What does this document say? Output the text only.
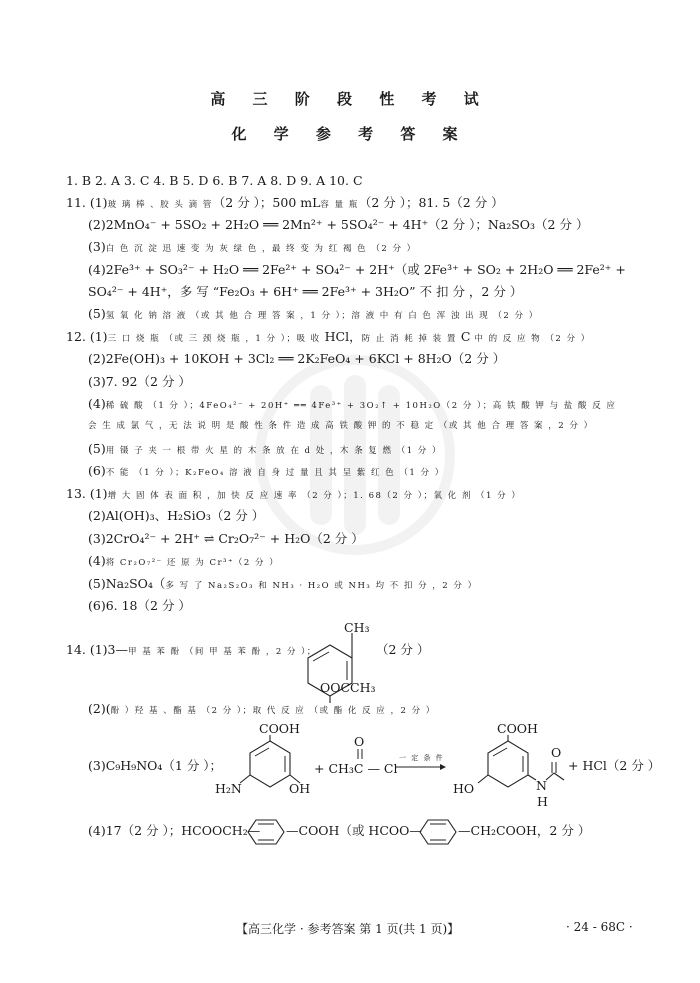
高 三 阶 段 性 考 试
化 学 参 考 答 案
1. B 2. A 3. C 4. B 5. D 6. B 7. A 8. D 9. A 10. C
11. (1)玻 璃 棒 、胶 头 滴 管（2 分 ）；500 mL容 量 瓶（2 分 ）；81. 5（2 分 ）
(2)2MnO₄⁻ + 5SO₂ + 2H₂O ══ 2Mn²⁺ + 5SO₄²⁻ + 4H⁺（2 分 ）；Na₂SO₃（2 分 ）
(3)白 色 沉 淀 迅 速 变 为 灰 绿 色 ，最 终 变 为 红 褐 色 （2 分 ）
(4)2Fe³⁺ + SO₃²⁻ + H₂O ══ 2Fe²⁺ + SO₄²⁻ + 2H⁺（或 2Fe³⁺ + SO₂ + 2H₂O ══ 2Fe²⁺ +
SO₄²⁻ + 4H⁺，多 写 “Fe₂O₃ + 6H⁺ ══ 2Fe³⁺ + 3H₂O” 不 扣 分 ，2 分 ）
(5)氢 氧 化 钠 溶 液 （或 其 他 合 理 答 案 ，1 分 ）；溶 液 中 有 白 色 浑 浊 出 现 （2 分 ）
12. (1)三 口 烧 瓶 （或 三 颈 烧 瓶 ，1 分 ）；吸 收 HCl，防 止 消 耗 掉 装 置 C 中 的 反 应 物 （2 分 ）
(2)2Fe(OH)₃ + 10KOH + 3Cl₂ ══ 2K₂FeO₄ + 6KCl + 8H₂O（2 分 ）
(3)7. 92（2 分 ）
(4)稀 硫 酸 （1 分 ）；4FeO₄²⁻ + 20H⁺ ══ 4Fe³⁺ + 3O₂↑ + 10H₂O（2 分 ）；高 铁 酸 钾 与 盐 酸 反 应
会 生 成 氯 气 ，无 法 说 明 是 酸 性 条 件 造 成 高 铁 酸 钾 的 不 稳 定 （或 其 他 合 理 答 案 ，2 分 ）
(5)用 镊 子 夹 一 根 带 火 星 的 木 条 放 在 d 处 ，木 条 复 燃 （1 分 ）
(6)不 能 （1 分 ）；K₂FeO₄ 溶 液 自 身 过 量 且 其 呈 紫 红 色 （1 分 ）
13. (1)增 大 固 体 表 面 积 ，加 快 反 应 速 率 （2 分 ）；1. 68（2 分 ）；氧 化 剂 （1 分 ）
(2)Al(OH)₃、H₂SiO₃（2 分 ）
(3)2CrO₄²⁻ + 2H⁺ ⇌ Cr₂O₇²⁻ + H₂O（2 分 ）
(4)将 Cr₂O₇²⁻ 还 原 为 Cr³⁺（2 分 ）
(5)Na₂SO₄（多 写 了 Na₂S₂O₃ 和 NH₃ · H₂O 或 NH₃ 均 不 扣 分 ，2 分 ）
(6)6. 18（2 分 ）
14. (1)3—甲 基 苯 酚 （间 甲 基 苯 酚 ，2 分 ）；
CH₃
OOCCH₃
（2 分 ）
(2)(酚 ）羟 基 、酯 基 （2 分 ）；取 代 反 应 （或 酯 化 反 应 ，2 分 ）
(3)C₉H₉NO₄（1 分 ）；
COOH
H₂N	OH
O
+ CH₃C — Cl
一 定 条 件
COOH
O
HO	N
H
+ HCl（2 分 ）
(4)17（2 分 ）；HCOOCH₂— —COOH（或 HCOO—	—CH₂COOH，2 分 ）
【高三化学 · 参考答案 第 1 页(共 1 页)】	· 24 - 68C ·
